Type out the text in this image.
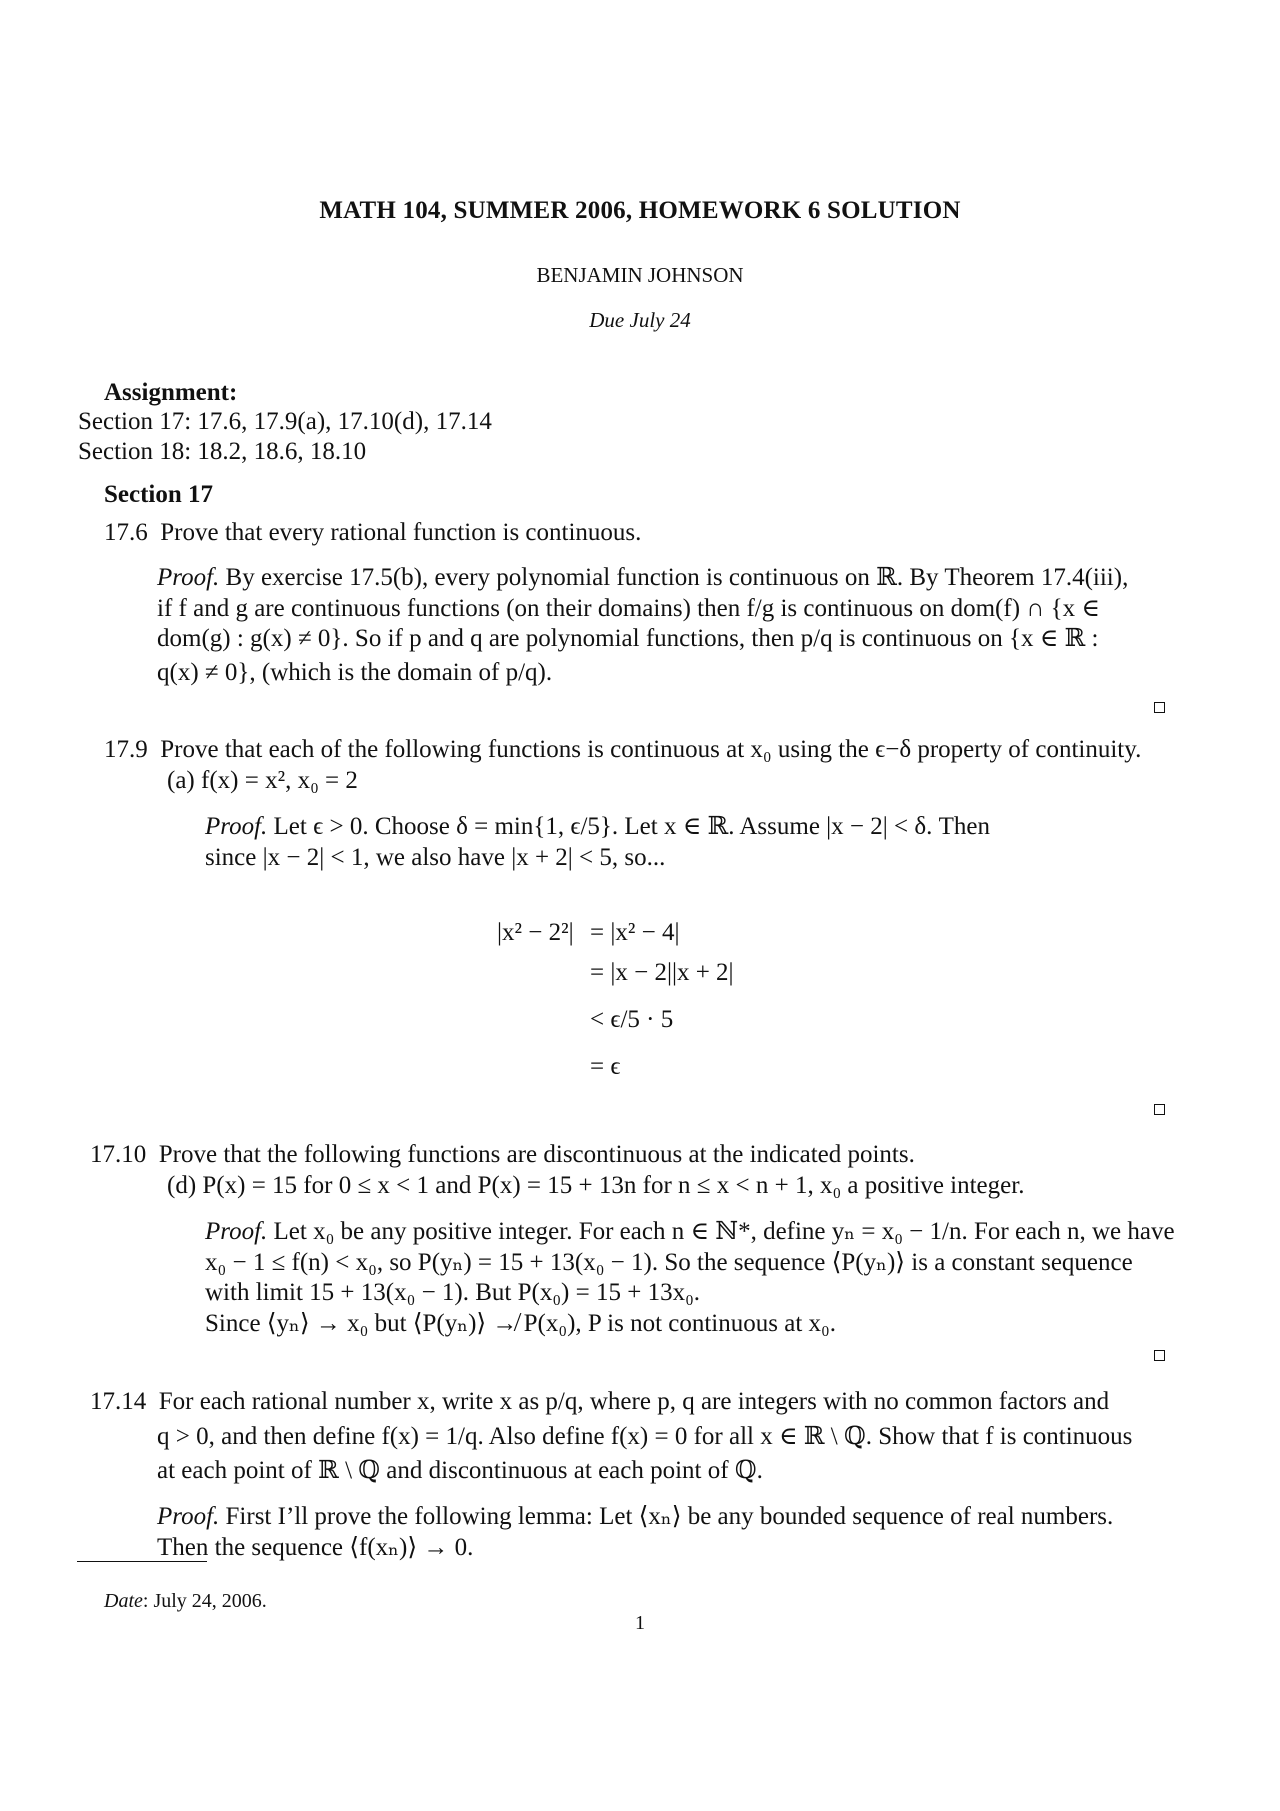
MATH 104, SUMMER 2006, HOMEWORK 6 SOLUTION
BENJAMIN JOHNSON
Due July 24
Assignment:
Section 17: 17.6, 17.9(a), 17.10(d), 17.14
Section 18: 18.2, 18.6, 18.10
Section 17
17.6 Prove that every rational function is continuous.
Proof. By exercise 17.5(b), every polynomial function is continuous on ℝ. By Theorem 17.4(iii),
if f and g are continuous functions (on their domains) then f/g is continuous on dom(f) ∩ {x ∈
dom(g) : g(x) ≠ 0}. So if p and q are polynomial functions, then p/q is continuous on {x ∈ ℝ :
q(x) ≠ 0}, (which is the domain of p/q).
17.9 Prove that each of the following functions is continuous at x₀ using the ϵ−δ property of continuity.
(a) f(x) = x², x₀ = 2
Proof. Let ϵ > 0. Choose δ = min{1, ϵ/5}. Let x ∈ ℝ. Assume |x − 2| < δ. Then
since |x − 2| < 1, we also have |x + 2| < 5, so...
|x² − 2²| = |x² − 4|
= |x − 2||x + 2|
< ϵ/5 · 5
= ϵ
17.10 Prove that the following functions are discontinuous at the indicated points.
(d) P(x) = 15 for 0 ≤ x < 1 and P(x) = 15 + 13n for n ≤ x < n + 1, x₀ a positive integer.
Proof. Let x₀ be any positive integer. For each n ∈ ℕ*, define yₙ = x₀ − 1/n. For each n, we have
x₀ − 1 ≤ f(n) < x₀, so P(yₙ) = 15 + 13(x₀ − 1). So the sequence ⟨P(yₙ)⟩ is a constant sequence
with limit 15 + 13(x₀ − 1). But P(x₀) = 15 + 13x₀.
Since ⟨yₙ⟩ → x₀ but ⟨P(yₙ)⟩ ↛ P(x₀), P is not continuous at x₀.
17.14 For each rational number x, write x as p/q, where p, q are integers with no common factors and
q > 0, and then define f(x) = 1/q. Also define f(x) = 0 for all x ∈ ℝ \ ℚ. Show that f is continuous
at each point of ℝ \ ℚ and discontinuous at each point of ℚ.
Proof. First I’ll prove the following lemma: Let ⟨xₙ⟩ be any bounded sequence of real numbers.
Then the sequence ⟨f(xₙ)⟩ → 0.
Date: July 24, 2006.
1
